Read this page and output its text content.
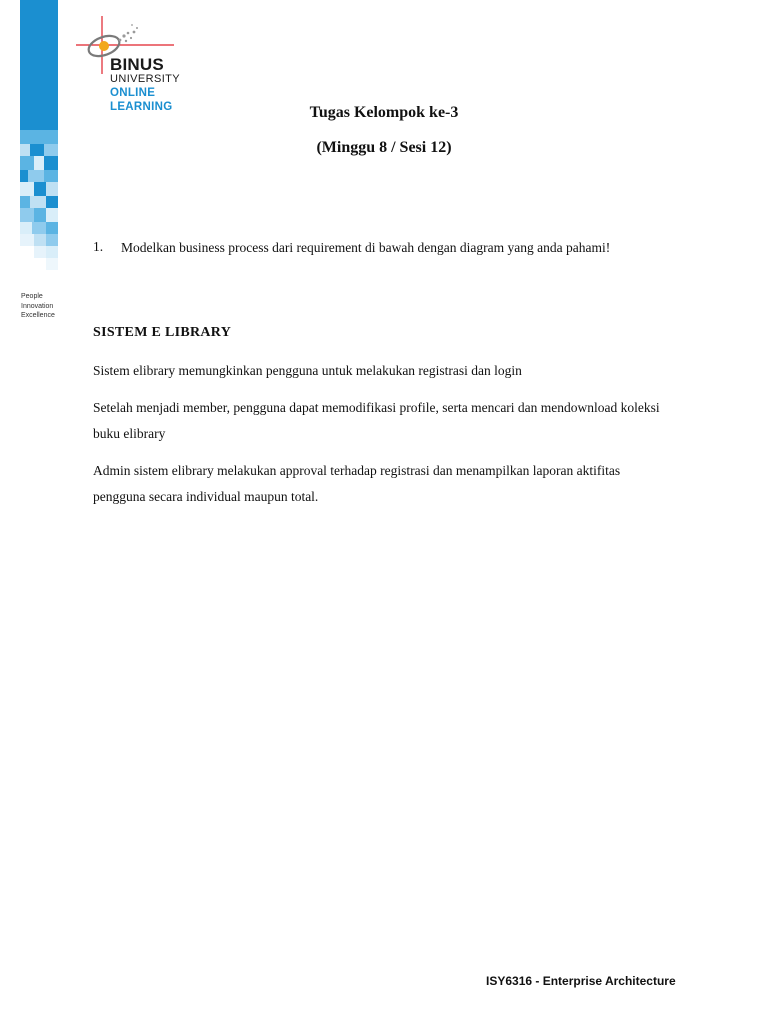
People
Innovation
Excellence
BINUS
UNIVERSITY
ONLINE
LEARNING	Tugas Kelompok ke-3
(Minggu 8 / Sesi 12)
1. Modelkan business process dari requirement di bawah dengan diagram yang anda pahami!
SISTEM E LIBRARY
Sistem elibrary memungkinkan pengguna untuk melakukan registrasi dan login
Setelah menjadi member, pengguna dapat memodifikasi profile, serta mencari dan mendownload koleksi buku elibrary
Admin sistem elibrary melakukan approval terhadap registrasi dan menampilkan laporan aktifitas pengguna secara individual maupun total.
ISY6316 - Enterprise Architecture
